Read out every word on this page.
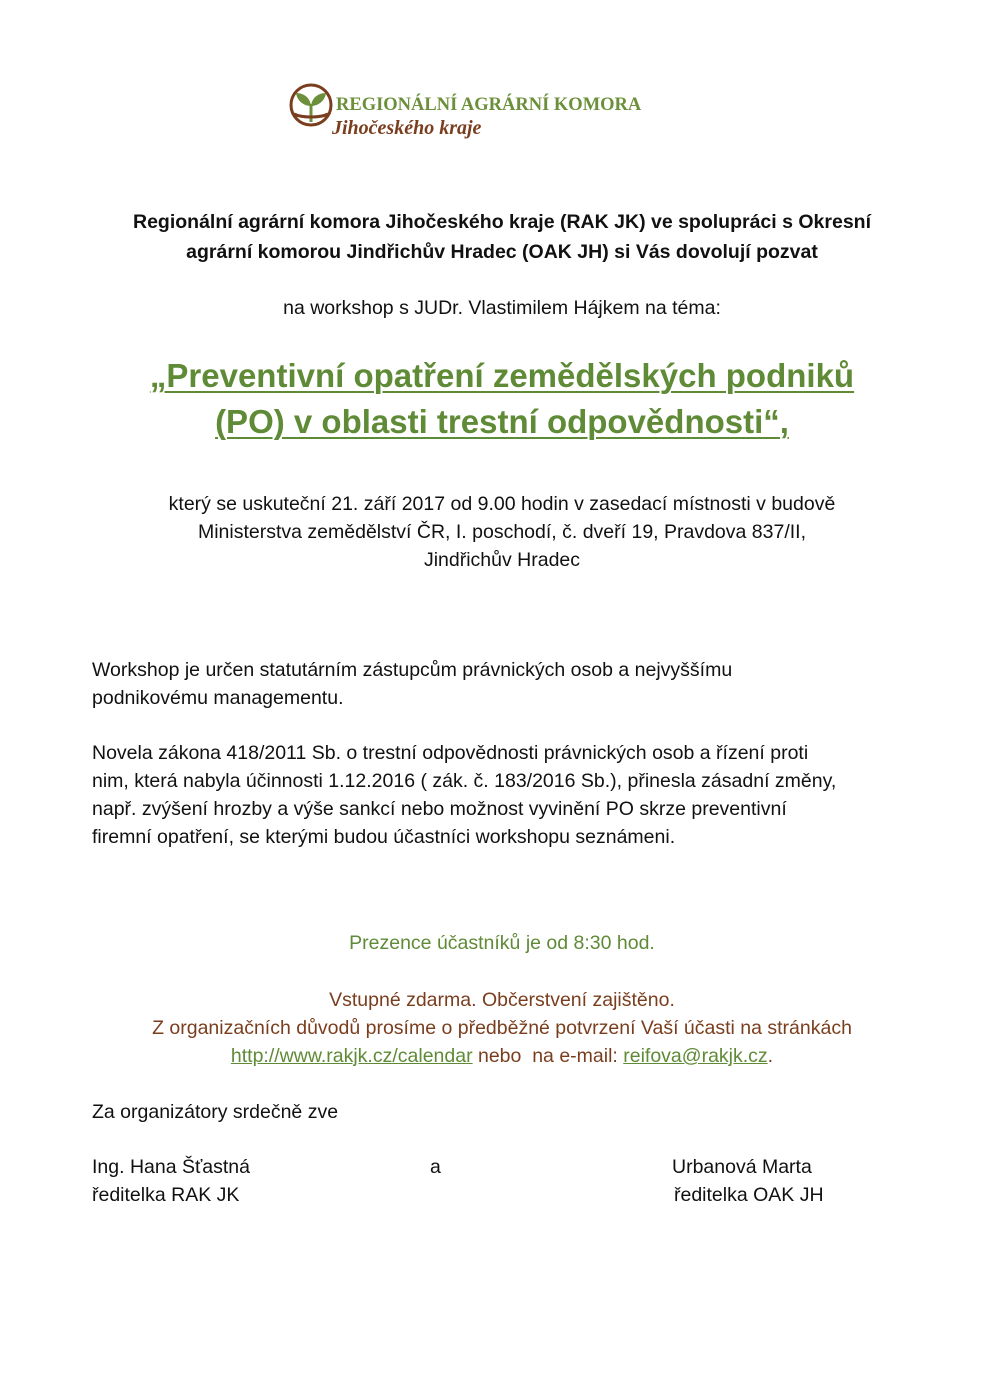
REGIONÁLNÍ AGRÁRNÍ KOMORA
Jihočeského kraje
Regionální agrární komora Jihočeského kraje (RAK JK) ve spolupráci s Okresní
agrární komorou Jindřichův Hradec (OAK JH) si Vás dovolují pozvat
na workshop s JUDr. Vlastimilem Hájkem na téma:
„Preventivní opatření zemědělských podniků
(PO) v oblasti trestní odpovědnosti“,
který se uskuteční 21. září 2017 od 9.00 hodin v zasedací místnosti v budově
Ministerstva zemědělství ČR, I. poschodí, č. dveří 19, Pravdova 837/II,
Jindřichův Hradec
Workshop je určen statutárním zástupcům právnických osob a nejvyššímu
podnikovému managementu.
Novela zákona 418/2011 Sb. o trestní odpovědnosti právnických osob a řízení proti
nim, která nabyla účinnosti 1.12.2016 ( zák. č. 183/2016 Sb.), přinesla zásadní změny,
např. zvýšení hrozby a výše sankcí nebo možnost vyvinění PO skrze preventivní
firemní opatření, se kterými budou účastníci workshopu seznámeni.
Prezence účastníků je od 8:30 hod.
Vstupné zdarma. Občerstvení zajištěno.
Z organizačních důvodů prosíme o předběžné potvrzení Vaší účasti na stránkách
http://www.rakjk.cz/calendar nebo  na e-mail: reifova@rakjk.cz.
Za organizátory srdečně zve
Ing. Hana Šťastná
ředitelka RAK JK
a	Urbanová Marta
ředitelka OAK JH
